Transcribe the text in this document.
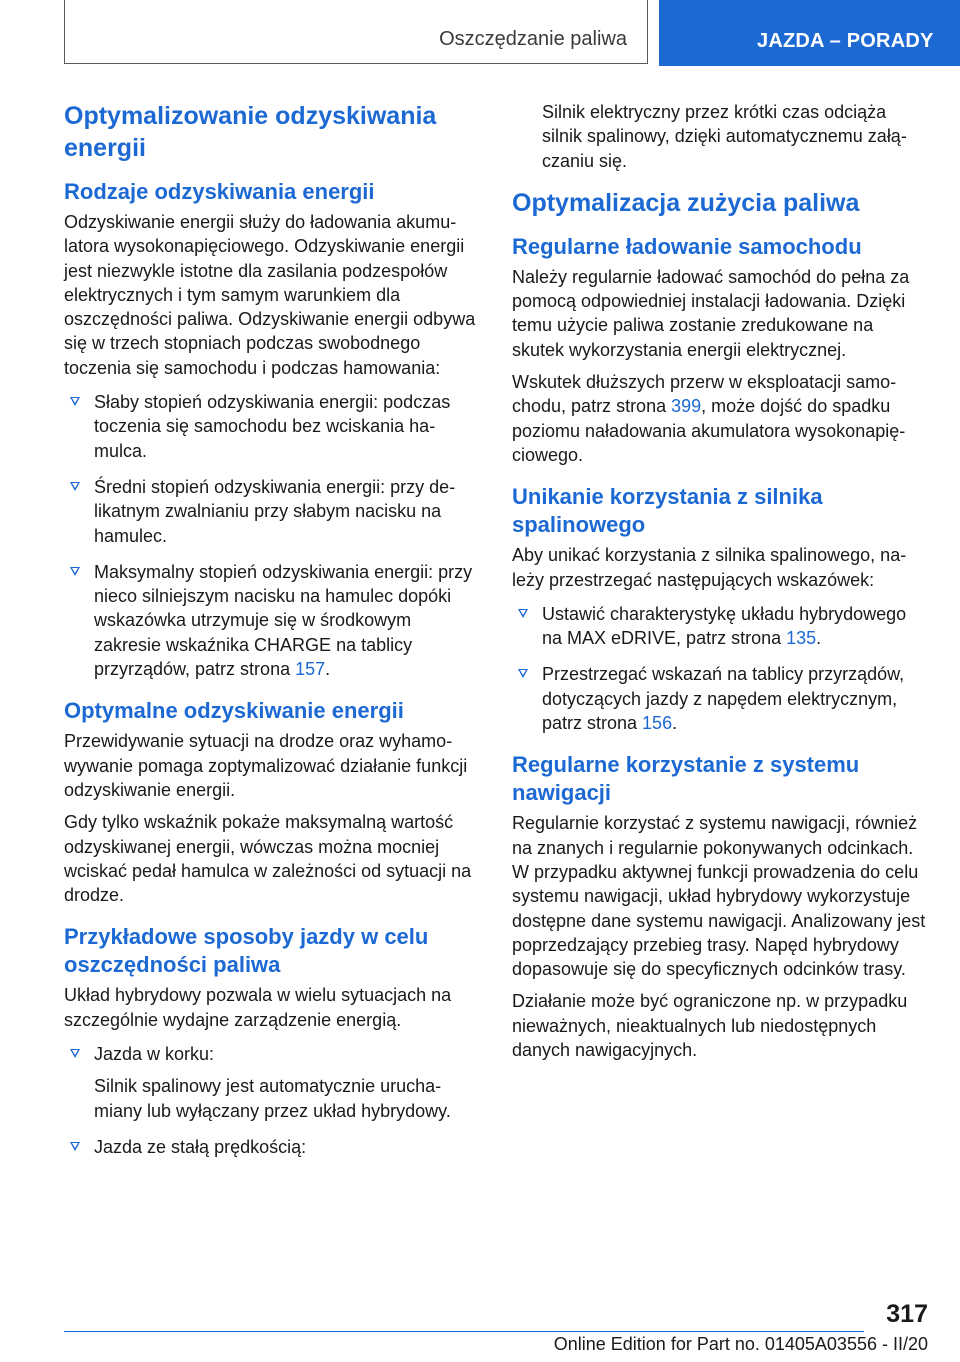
Oszczędzanie paliwa	JAZDA – PORADY
Optymalizowanie odzyskiwania energii
Rodzaje odzyskiwania energii

Odzyskiwanie energii służy do ładowania akumulatora wysokonapięciowego. Odzyskiwanie energii jest niezwykle istotne dla zasilania podzespołów elektrycznych i tym samym warunkiem dla oszczędności paliwa. Odzyskiwanie energii odbywa się w trzech stopniach podczas swobodnego toczenia się samochodu i podczas hamowania:

Słaby stopień odzyskiwania energii: podczas toczenia się samochodu bez wciskania hamulca.
Średni stopień odzyskiwania energii: przy delikatnym zwalnianiu przy słabym nacisku na hamulec.
Maksymalny stopień odzyskiwania energii: przy nieco silniejszym nacisku na hamulec dopóki wskazówka utrzymuje się w środkowym zakresie wskaźnika CHARGE na tablicy przyrządów, patrz strona 157.
Optymalne odzyskiwanie energii

Przewidywanie sytuacji na drodze oraz wyhamowywanie pomaga zoptymalizować działanie funkcji odzyskiwanie energii.

Gdy tylko wskaźnik pokaże maksymalną wartość odzyskiwanej energii, wówczas można mocniej wciskać pedał hamulca w zależności od sytuacji na drodze.

Przykładowe sposoby jazdy w celu oszczędności paliwa

Układ hybrydowy pozwala w wielu sytuacjach na szczególnie wydajne zarządzenie energią.

Jazda w korku:
Silnik spalinowy jest automatycznie uruchamiany lub wyłączany przez układ hybrydowy.
Jazda ze stałą prędkością:

Silnik elektryczny przez krótki czas odciąża silnik spalinowy, dzięki automatycznemu załączaniu się.

Optymalizacja zużycia paliwa
Regularne ładowanie samochodu

Należy regularnie ładować samochód do pełna za pomocą odpowiedniej instalacji ładowania. Dzięki temu użycie paliwa zostanie zredukowane na skutek wykorzystania energii elektrycznej.

Wskutek dłuższych przerw w eksploatacji samochodu, patrz strona 399, może dojść do spadku poziomu naładowania akumulatora wysokonapięciowego.

Unikanie korzystania z silnika spalinowego

Aby unikać korzystania z silnika spalinowego, należy przestrzegać następujących wskazówek:

Ustawić charakterystykę układu hybrydowego na MAX eDRIVE, patrz strona 135.
Przestrzegać wskazań na tablicy przyrządów, dotyczących jazdy z napędem elektrycznym, patrz strona 156.
Regularne korzystanie z systemu nawigacji

Regularnie korzystać z systemu nawigacji, również na znanych i regularnie pokonywanych odcinkach. W przypadku aktywnej funkcji prowadzenia do celu systemu nawigacji, układ hybrydowy wykorzystuje dostępne dane systemu nawigacji. Analizowany jest poprzedzający przebieg trasy. Napęd hybrydowy dopasowuje się do specyficznych odcinków trasy.

Działanie może być ograniczone np. w przypadku nieważnych, nieaktualnych lub niedostępnych danych nawigacyjnych.

317
Online Edition for Part no. 01405A03556 - II/20
